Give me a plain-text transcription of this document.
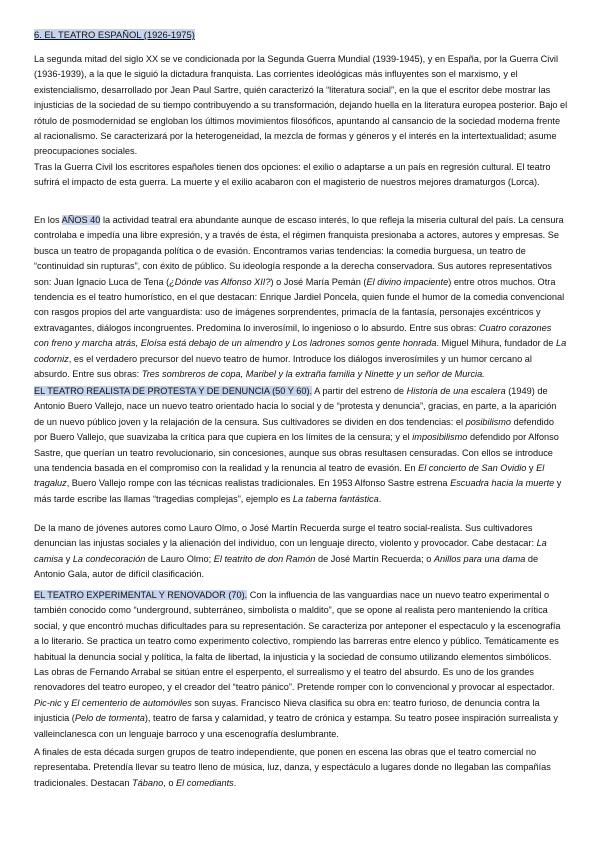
6. EL TEATRO ESPAÑOL (1926-1975)

La segunda mitad del siglo XX se ve condicionada por la Segunda Guerra Mundial (1939-1945), y en España, por la Guerra Civil (1936-1939), a la que le siguió la dictadura franquista. Las corrientes ideológicas más influyentes son el marxismo, y el existencialismo, desarrollado por Jean Paul Sartre, quién caracterizó la “literatura social”, en la que el escritor debe mostrar las injusticias de la sociedad de su tiempo contribuyendo a su transformación, dejando huella en la literatura europea posterior. Bajo el rótulo de posmodernidad se engloban los últimos movimientos filosóficos, apuntando al cansancio de la sociedad moderna frente al racionalismo. Se caracterizará por la heterogeneidad, la mezcla de formas y géneros y el interés en la intertextualidad; asume preocupaciones sociales.

Tras la Guerra Civil los escritores españoles tienen dos opciones: el exilio o adaptarse a un país en regresión cultural. El teatro sufrirá el impacto de esta guerra. La muerte y el exilio acabaron con el magisterio de nuestros mejores dramaturgos (Lorca).

En los AÑOS 40 la actividad teatral era abundante aunque de escaso interés, lo que refleja la miseria cultural del país. La censura controlaba e impedía una libre expresión, y a través de ésta, el régimen franquista presionaba a actores, autores y empresas. Se busca un teatro de propaganda política o de evasión. Encontramos varias tendencias: la comedia burguesa, un teatro de “continuidad sin rupturas”, con éxito de público. Su ideología responde a la derecha conservadora. Sus autores representativos son: Juan Ignacio Luca de Tena (¿Dónde vas Alfonso XII?) o José María Pemán (El divino impaciente) entre otros muchos. Otra tendencia es el teatro humorístico, en el que destacan: Enrique Jardiel Poncela, quien funde el humor de la comedia convencional con rasgos propios del arte vanguardista: uso de imágenes sorprendentes, primacía de la fantasía, personajes excéntricos y extravagantes, diálogos incongruentes. Predomina lo inverosímil, lo ingenioso o lo absurdo. Entre sus obras: Cuatro corazones con freno y marcha atrás, Eloísa está debajo de un almendro y Los ladrones somos gente honrada. Miguel Mihura, fundador de La codorniz, es el verdadero precursor del nuevo teatro de humor. Introduce los diálogos inverosímiles y un humor cercano al absurdo. Entre sus obras: Tres sombreros de copa, Maribel y la extraña familia y Ninette y un señor de Murcia.

EL TEATRO REALISTA DE PROTESTA Y DE DENUNCIA (50 Y 60). A partir del estreno de Historia de una escalera (1949) de Antonio Buero Vallejo, nace un nuevo teatro orientado hacia lo social y de “protesta y denuncia”, gracias, en parte, a la aparición de un nuevo público joven y la relajación de la censura. Sus cultivadores se dividen en dos tendencias: el posibilismo defendido por Buero Vallejo, que suavizaba la crítica para que cupiera en los límites de la censura; y el imposibilismo defendido por Alfonso Sastre, que querían un teatro revolucionario, sin concesiones, aunque sus obras resultasen censuradas. Con ellos se introduce una tendencia basada en el compromiso con la realidad y la renuncia al teatro de evasión. En El concierto de San Ovidio y El tragaluz, Buero Vallejo rompe con las técnicas realistas tradicionales. En 1953 Alfonso Sastre estrena Escuadra hacia la muerte y más tarde escribe las llamas “tragedias complejas”, ejemplo es La taberna fantástica.

De la mano de jóvenes autores como Lauro Olmo, o José Martín Recuerda surge el teatro social-realista. Sus cultivadores denuncian las injustas sociales y la alienación del individuo, con un lenguaje directo, violento y provocador. Cabe destacar: La camisa y La condecoración de Lauro Olmo; El teatrito de don Ramón de José Martín Recuerda; o Anillos para una dama de Antonio Gala, autor de difícil clasificación.

EL TEATRO EXPERIMENTAL Y RENOVADOR (70). Con la influencia de las vanguardias nace un nuevo teatro experimental o también conocido como “underground, subterráneo, simbolista o maldito”, que se opone al realista pero manteniendo la crítica social, y que encontró muchas dificultades para su representación. Se caracteriza por anteponer el espectaculo y la escenografía a lo literario. Se practica un teatro como experimento colectivo, rompiendo las barreras entre elenco y público. Temáticamente es habitual la denuncia social y política, la falta de libertad, la injusticia y la sociedad de consumo utilizando elementos simbólicos. Las obras de Fernando Arrabal se sitúan entre el esperpento, el surrealismo y el teatro del absurdo. Es uno de los grandes renovadores del teatro europeo, y el creador del “teatro pánico”. Pretende romper con lo convencional y provocar al espectador. Pic-nic y El cementerio de automóviles son suyas. Francisco Nieva clasifica su obra en: teatro furioso, de denuncia contra la injusticia (Pelo de tormenta), teatro de farsa y calamidad, y teatro de crónica y estampa. Su teatro posee inspiración surrealista y valleinclanesca con un lenguaje barroco y una escenografía deslumbrante.

A finales de esta década surgen grupos de teatro independiente, que ponen en escena las obras que el teatro comercial no representaba. Pretendía llevar su teatro lleno de música, luz, danza, y espectáculo a lugares donde no llegaban las compañías tradicionales. Destacan Tábano, o El comediants.
